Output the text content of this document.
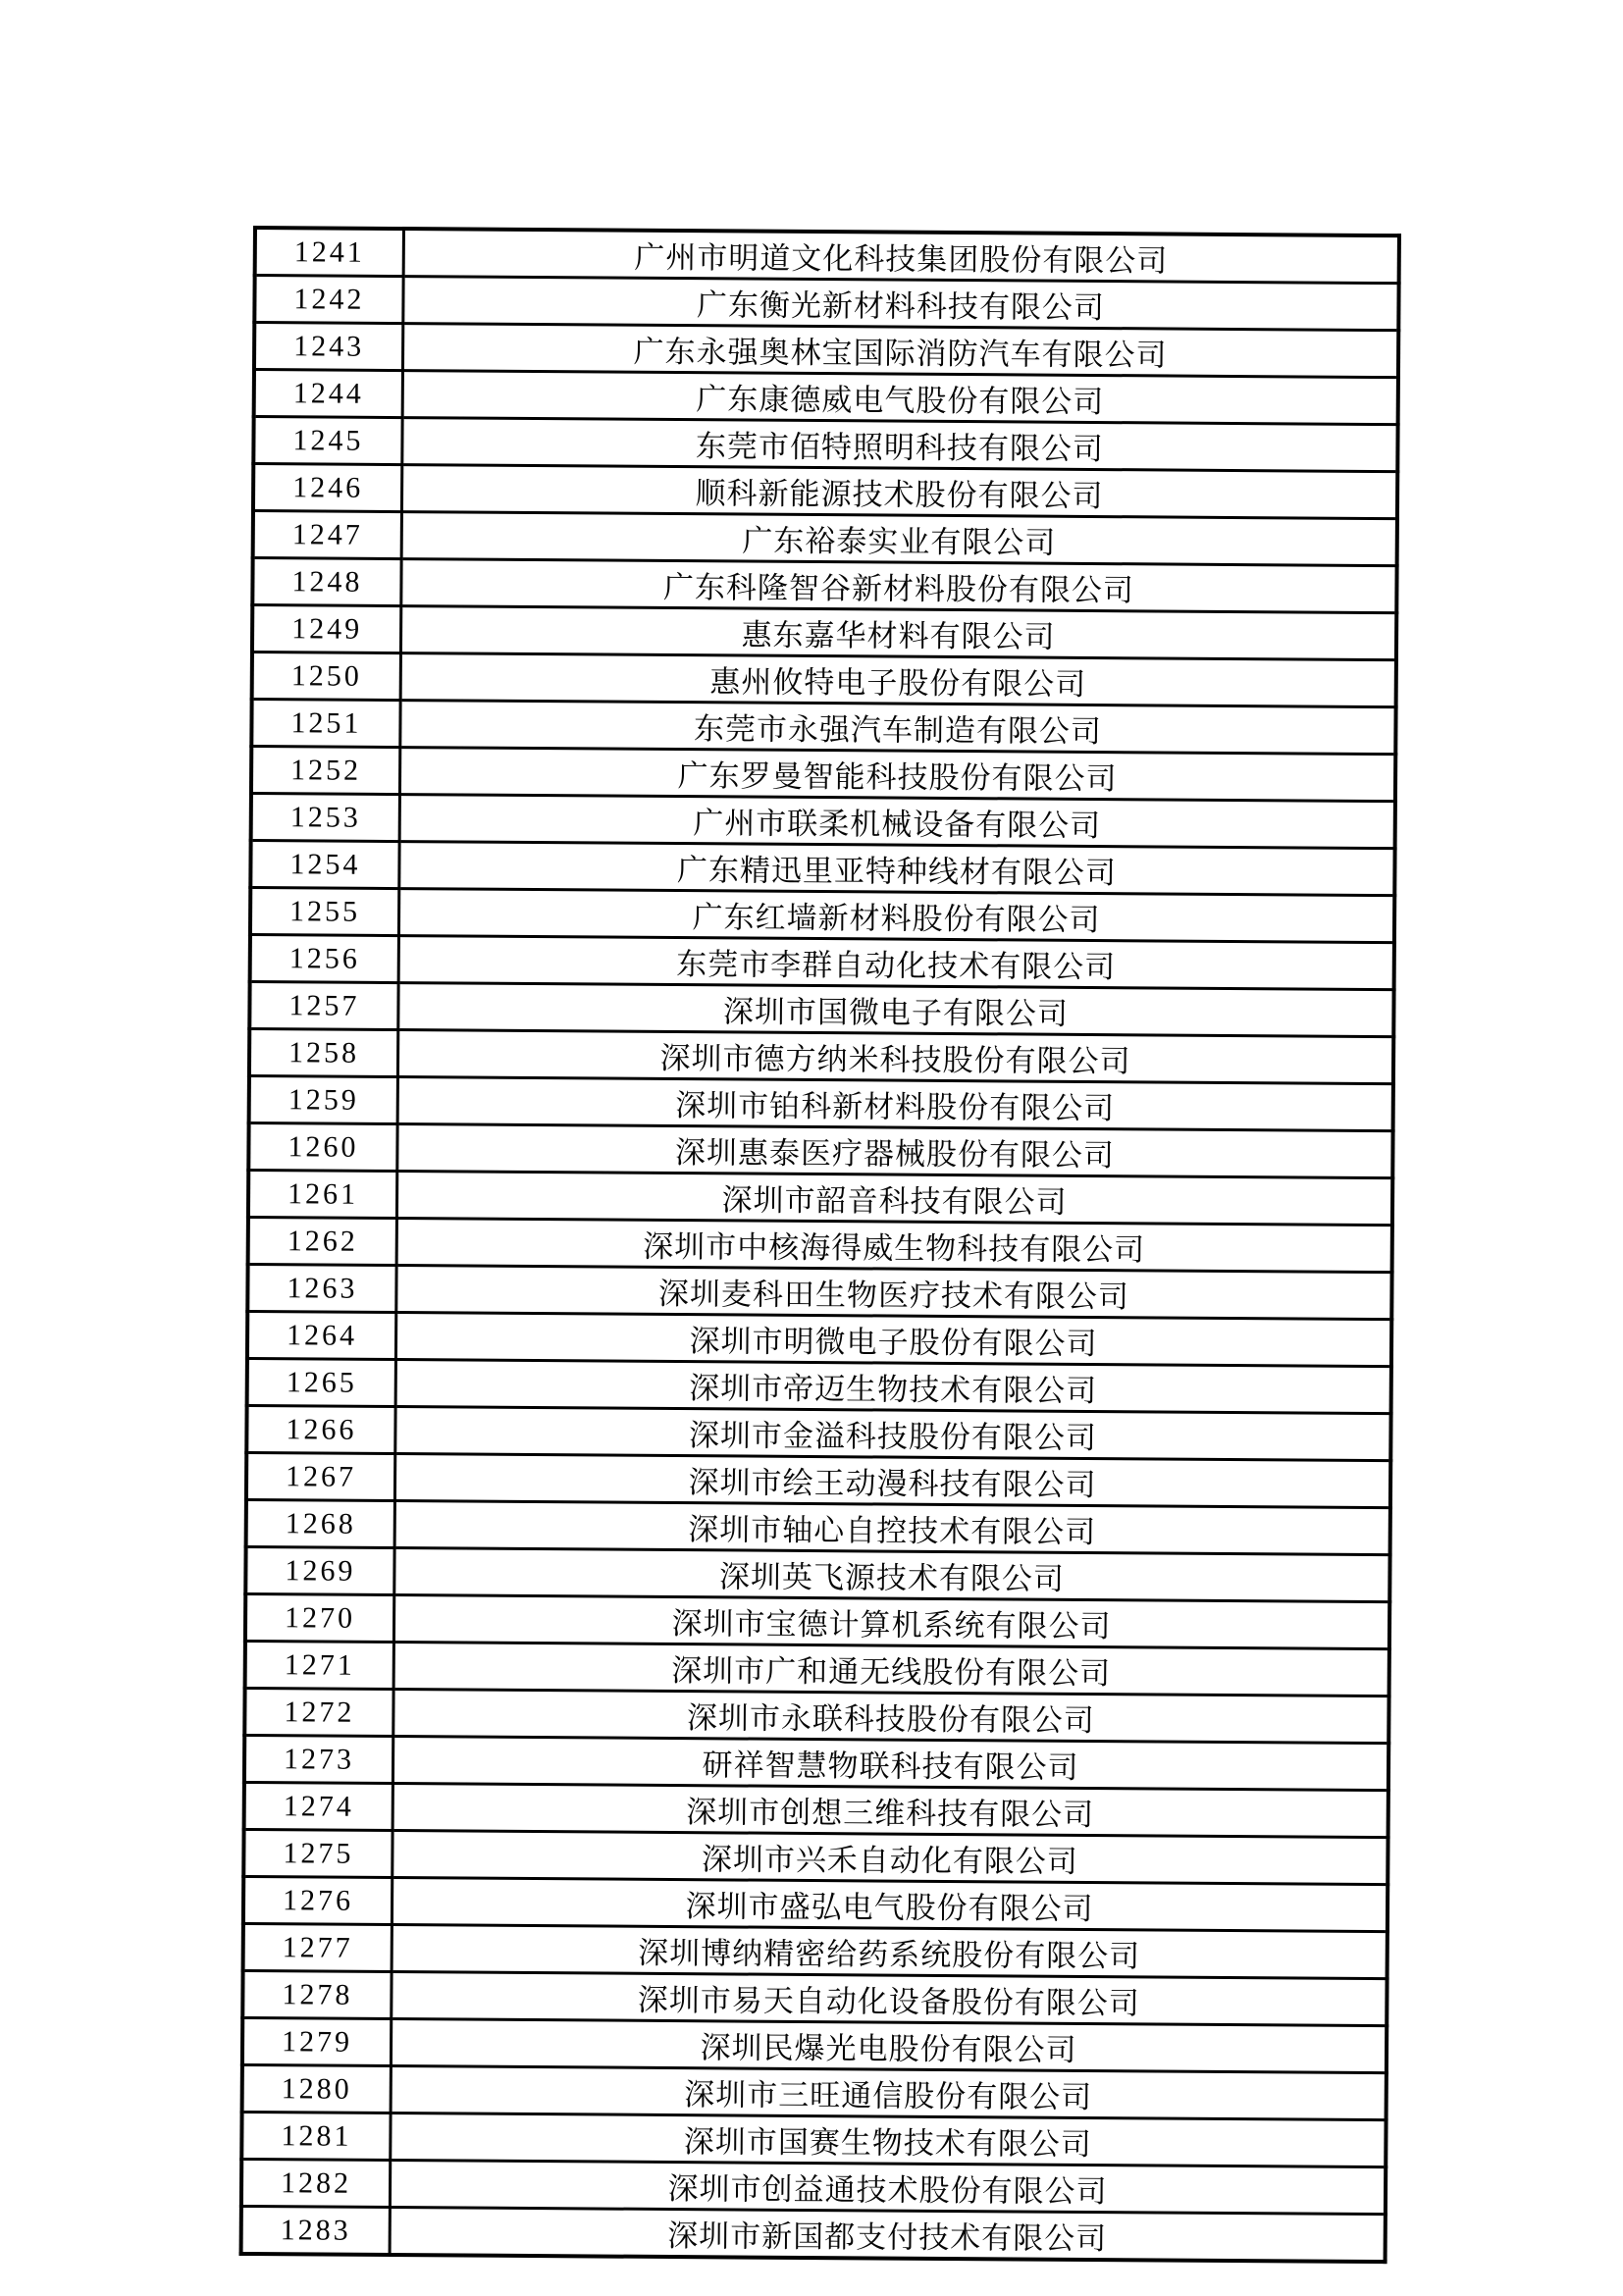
1241	广州市明道文化科技集团股份有限公司
1242	广东衡光新材料科技有限公司
1243	广东永强奥林宝国际消防汽车有限公司
1244	广东康德威电气股份有限公司
1245	东莞市佰特照明科技有限公司
1246	顺科新能源技术股份有限公司
1247	广东裕泰实业有限公司
1248	广东科隆智谷新材料股份有限公司
1249	惠东嘉华材料有限公司
1250	惠州攸特电子股份有限公司
1251	东莞市永强汽车制造有限公司
1252	广东罗曼智能科技股份有限公司
1253	广州市联柔机械设备有限公司
1254	广东精迅里亚特种线材有限公司
1255	广东红墙新材料股份有限公司
1256	东莞市李群自动化技术有限公司
1257	深圳市国微电子有限公司
1258	深圳市德方纳米科技股份有限公司
1259	深圳市铂科新材料股份有限公司
1260	深圳惠泰医疗器械股份有限公司
1261	深圳市韶音科技有限公司
1262	深圳市中核海得威生物科技有限公司
1263	深圳麦科田生物医疗技术有限公司
1264	深圳市明微电子股份有限公司
1265	深圳市帝迈生物技术有限公司
1266	深圳市金溢科技股份有限公司
1267	深圳市绘王动漫科技有限公司
1268	深圳市轴心自控技术有限公司
1269	深圳英飞源技术有限公司
1270	深圳市宝德计算机系统有限公司
1271	深圳市广和通无线股份有限公司
1272	深圳市永联科技股份有限公司
1273	研祥智慧物联科技有限公司
1274	深圳市创想三维科技有限公司
1275	深圳市兴禾自动化有限公司
1276	深圳市盛弘电气股份有限公司
1277	深圳博纳精密给药系统股份有限公司
1278	深圳市易天自动化设备股份有限公司
1279	深圳民爆光电股份有限公司
1280	深圳市三旺通信股份有限公司
1281	深圳市国赛生物技术有限公司
1282	深圳市创益通技术股份有限公司
1283	深圳市新国都支付技术有限公司
